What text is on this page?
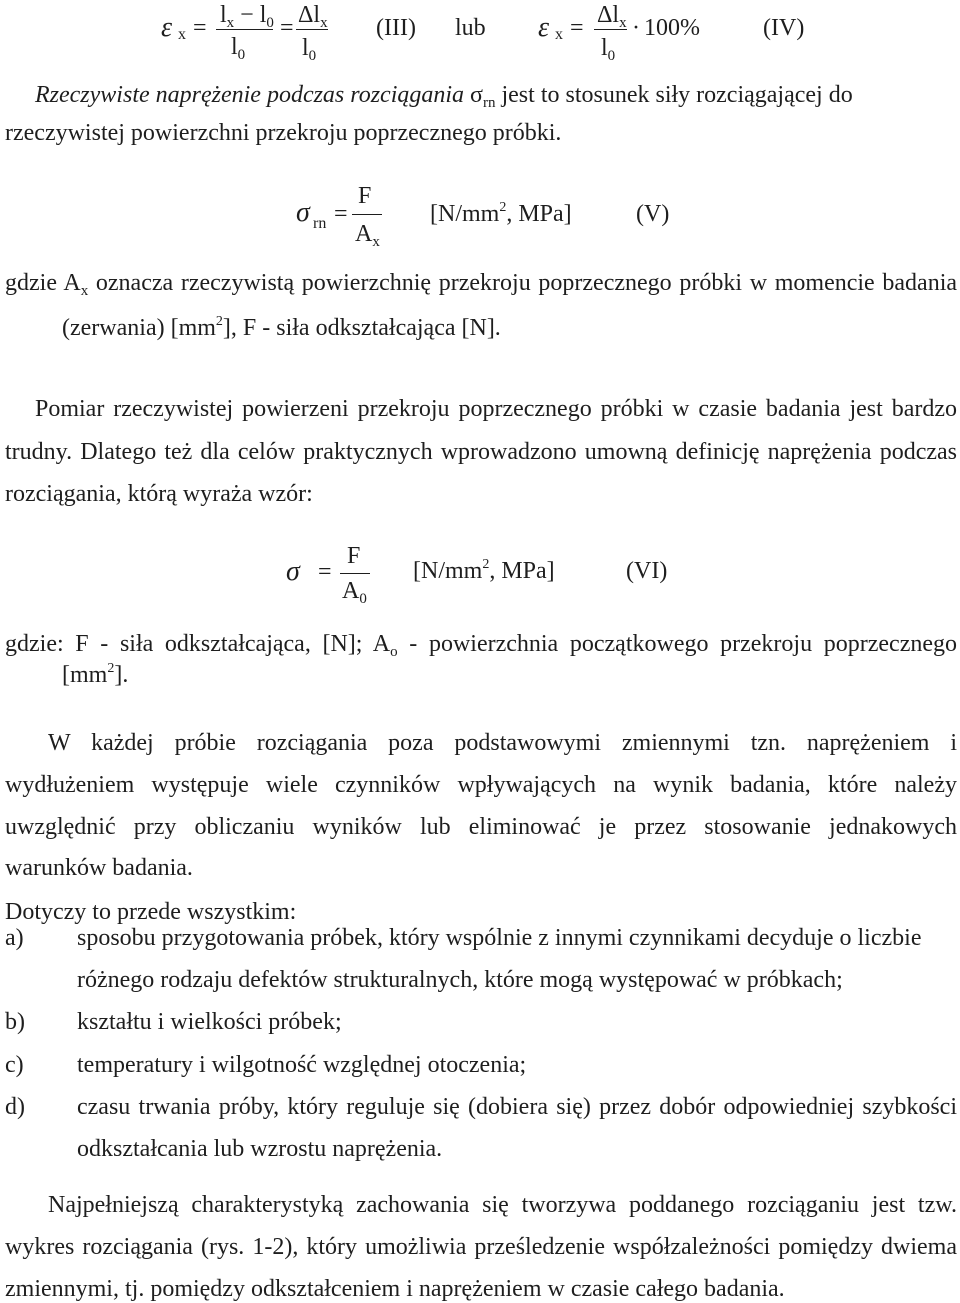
ε $x = l_x - l_0$
$l_0$
= $\Delta l_x$
$l_0$
(III) lub ε $x = \Delta l_x$
$l_0$
· 100%	(IV)
Rzeczywiste naprężenie podczas rozciągania $\sigma_{rn}$ jest to stosunek siły rozciągającej do
rzeczywistej powierzchni przekroju poprzecznego próbki.
σ rn =
F
$A_x$
[$N/mm^2$, MPa]	(V)
gdzie $A_x$ oznacza rzeczywistą powierzchnię przekroju poprzecznego próbki w momencie badania
(zerwania) $[mm^2]$, F - siła odkształcająca [N].
Pomiar rzeczywistej powierzeni przekroju poprzecznego próbki w czasie badania jest bardzo
trudny. Dlatego też dla celów praktycznych wprowadzono umowną definicję naprężenia podczas
rozciągania, którą wyraża wzór:
σ =
F
$A_0$
[$N/mm^2$, MPa]	(VI)
gdzie: F - siła odkształcająca, [N]; $A_o$ - powierzchnia początkowego przekroju poprzecznego
$[mm^2]$.
W każdej próbie rozciągania poza podstawowymi zmiennymi tzn. naprężeniem i
wydłużeniem występuje wiele czynników wpływających na wynik badania, które należy
uwzględnić przy obliczaniu wyników lub eliminować je przez stosowanie jednakowych
warunków badania.
Dotyczy to przede wszystkim:
a) sposobu przygotowania próbek, który wspólnie z innymi czynnikami decyduje o liczbie
różnego rodzaju defektów strukturalnych, które mogą występować w próbkach;
b) kształtu i wielkości próbek;
c) temperatury i wilgotność względnej otoczenia;
d) czasu trwania próby, który reguluje się (dobiera się) przez dobór odpowiedniej szybkości
odkształcania lub wzrostu naprężenia.
Najpełniejszą charakterystyką zachowania się tworzywa poddanego rozciąganiu jest tzw.
wykres rozciągania (rys. 1-2), który umożliwia prześledzenie współzależności pomiędzy dwiema
zmiennymi, tj. pomiędzy odkształceniem i naprężeniem w czasie całego badania.
